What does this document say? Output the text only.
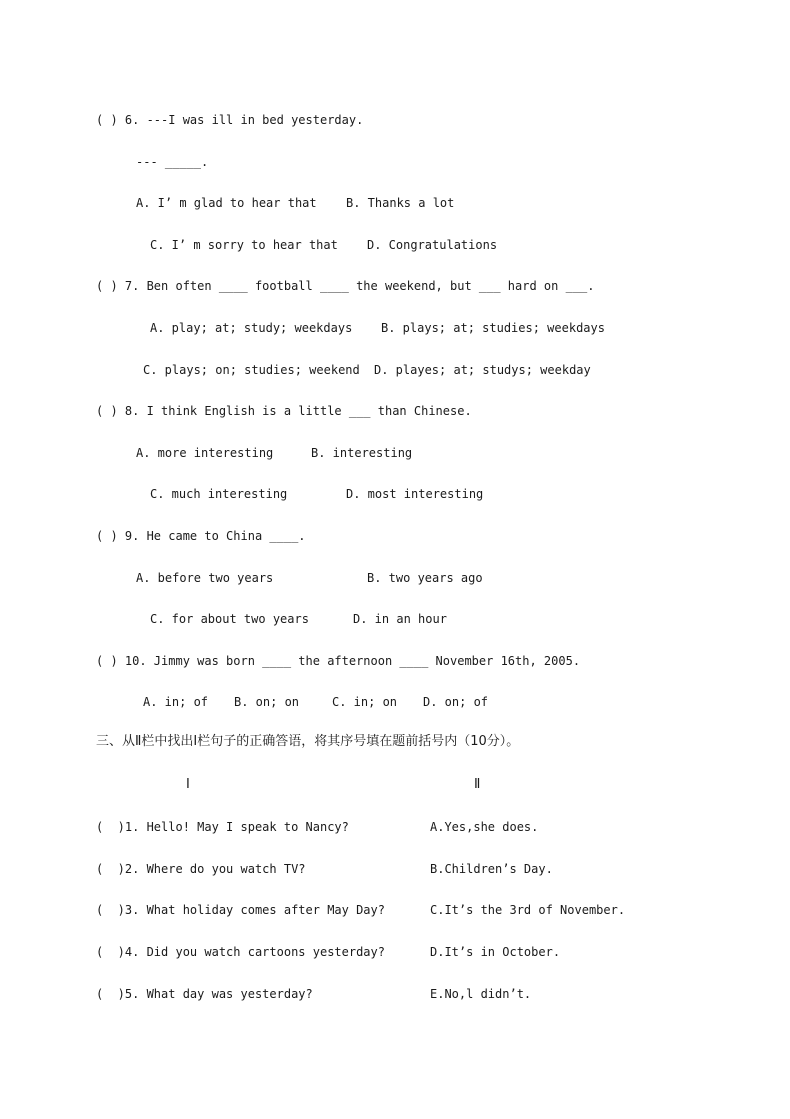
( ) 6. ---I was ill in bed yesterday.
--- _____.
A. I’ m glad to hear that B. Thanks a lot
C. I’ m sorry to hear that D. Congratulations
( ) 7. Ben often ____ football ____ the weekend, but ___ hard on ___.
A. play; at; study; weekdays B. plays; at; studies; weekdays
C. plays; on; studies; weekend D. playes; at; studys; weekday
( ) 8. I think English is a little ___ than Chinese.
A. more interesting	B. interesting
C. much interesting	D. most interesting
( ) 9. He came to China ____.
A. before two years	B. two years ago
C. for about two years	D. in an hour
( ) 10. Jimmy was born ____ the afternoon ____ November 16th, 2005.
A. in; of B. on; on	C. in; on D. on; of
三、从Ⅱ栏中找出Ⅰ栏句子的正确答语，将其序号填在题前括号内（10分）。
Ⅰ	Ⅱ
(  )1. Hello! May I speak to Nancy?	A.Yes,she does.
(  )2. Where do you watch TV?	B.Children’s Day.
(  )3. What holiday comes after May Day?	C.It’s the 3rd of November.
(  )4. Did you watch cartoons yesterday?	D.It’s in October.
(  )5. What day was yesterday?	E.No,l didn’t.
